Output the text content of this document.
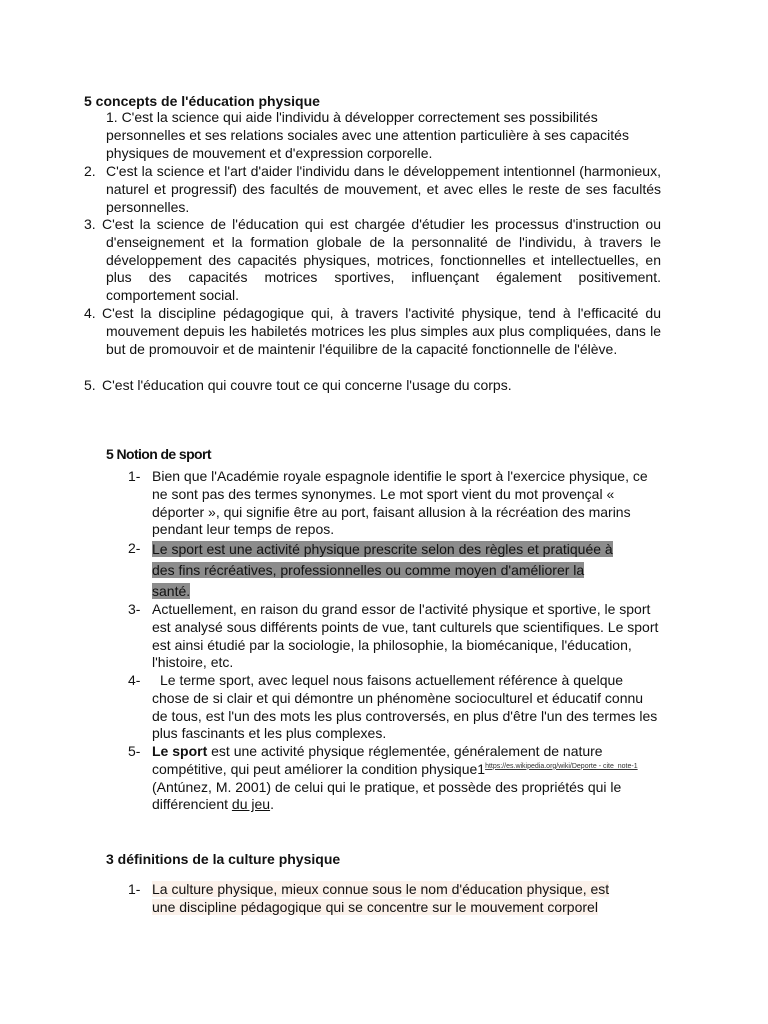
5 concepts de l'éducation physique
1. C'est la science qui aide l'individu à développer correctement ses possibilités personnelles et ses relations sociales avec une attention particulière à ses capacités physiques de mouvement et d'expression corporelle.
2. C'est la science et l'art d'aider l'individu dans le développement intentionnel (harmonieux, naturel et progressif) des facultés de mouvement, et avec elles le reste de ses facultés personnelles.
3. C'est la science de l'éducation qui est chargée d'étudier les processus d'instruction ou d'enseignement et la formation globale de la personnalité de l'individu, à travers le développement des capacités physiques, motrices, fonctionnelles et intellectuelles, en plus des capacités motrices sportives, influençant également positivement. comportement social.
4. C'est la discipline pédagogique qui, à travers l'activité physique, tend à l'efficacité du mouvement depuis les habiletés motrices les plus simples aux plus compliquées, dans le but de promouvoir et de maintenir l'équilibre de la capacité fonctionnelle de l'élève.
5. C'est l'éducation qui couvre tout ce qui concerne l'usage du corps.
5 Notion de sport
1- Bien que l'Académie royale espagnole identifie le sport à l'exercice physique, ce ne sont pas des termes synonymes. Le mot sport vient du mot provençal « déporter », qui signifie être au port, faisant allusion à la récréation des marins pendant leur temps de repos.
2- Le sport est une activité physique prescrite selon des règles et pratiquée à
des fins récréatives, professionnelles ou comme moyen d'améliorer la
santé.
3- Actuellement, en raison du grand essor de l'activité physique et sportive, le sport est analysé sous différents points de vue, tant culturels que scientifiques. Le sport est ainsi étudié par la sociologie, la philosophie, la biomécanique, l'éducation, l'histoire, etc.
4-	Le terme sport, avec lequel nous faisons actuellement référence à quelque chose de si clair et qui démontre un phénomène socioculturel et éducatif connu de tous, est l'un des mots les plus controversés, en plus d'être l'un des termes les plus fascinants et les plus complexes.
5- Le sport est une activité physique réglementée, généralement de nature compétitive, qui peut améliorer la condition $physique1^{https://es.wikipedia.org/wiki/Deporte - cite\_note-1}$ (Antúnez, M. 2001) de celui qui le pratique, et possède des propriétés qui le différencient du jeu.
3 définitions de la culture physique
1- La culture physique, mieux connue sous le nom d'éducation physique, est
une discipline pédagogique qui se concentre sur le mouvement corporel
